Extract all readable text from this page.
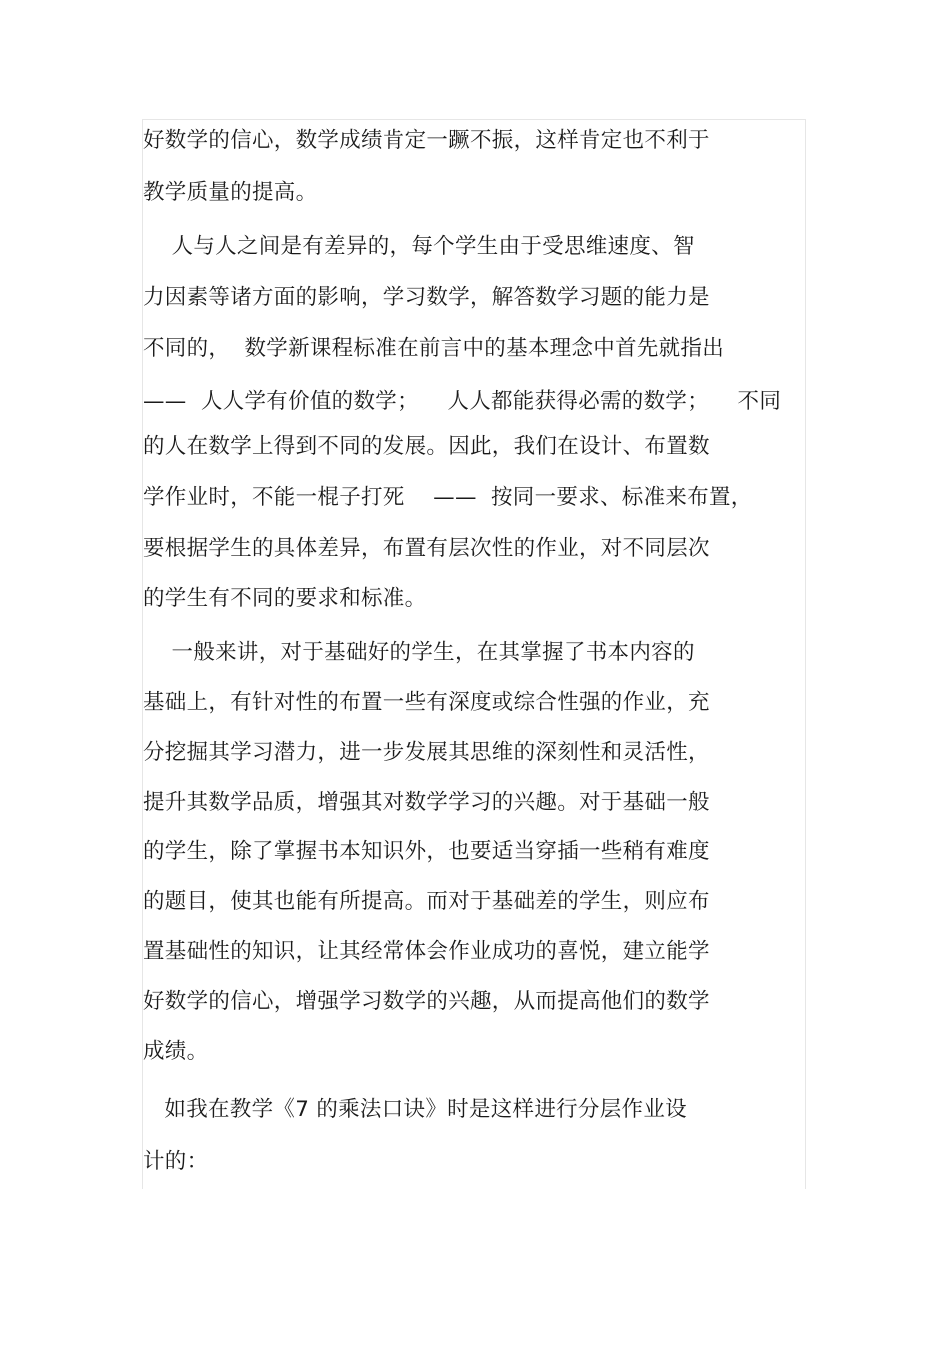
好数学的信心，数学成绩肯定一蹶不振，这样肯定也不利于
教学质量的提高。
人与人之间是有差异的，每个学生由于受思维速度、智
力因素等诸方面的影响，学习数学，解答数学习题的能力是
不同的，  数学新课程标准在前言中的基本理念中首先就指出
——  人人学有价值的数学；    人人都能获得必需的数学；    不同
的人在数学上得到不同的发展。因此，我们在设计、布置数
学作业时，不能一棍子打死    ——  按同一要求、标准来布置，
要根据学生的具体差异，布置有层次性的作业，对不同层次
的学生有不同的要求和标准。
一般来讲，对于基础好的学生，在其掌握了书本内容的
基础上，有针对性的布置一些有深度或综合性强的作业，充
分挖掘其学习潜力，进一步发展其思维的深刻性和灵活性，
提升其数学品质，增强其对数学学习的兴趣。对于基础一般
的学生，除了掌握书本知识外，也要适当穿插一些稍有难度
的题目，使其也能有所提高。而对于基础差的学生，则应布
置基础性的知识，让其经常体会作业成功的喜悦，建立能学
好数学的信心，增强学习数学的兴趣，从而提高他们的数学
成绩。
如我在教学《7 的乘法口诀》时是这样进行分层作业设
计的：
